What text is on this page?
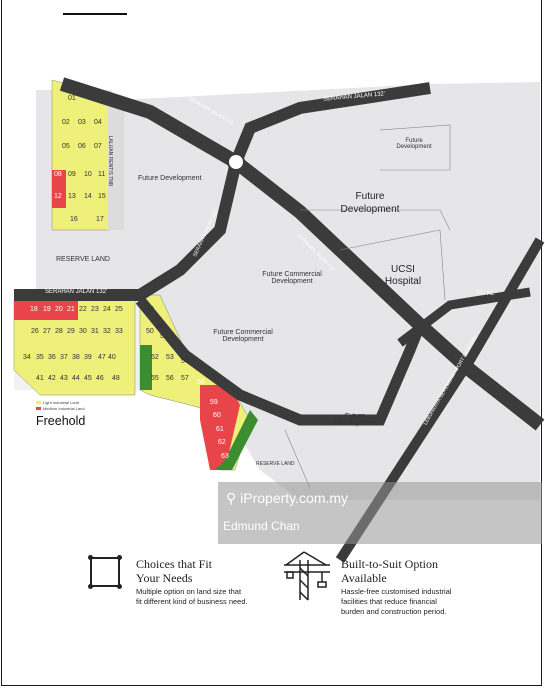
01
02 03 04
05 06 07
08 09 10 11
12 13 14 15
16	17
18 19 20 21 22 23 24 25
26 27 28 29 30 31 32 33
34 35 36 37 38 39 40
41 42 43 44 45 46
47
48
49
50
51
52 53
54
55 56 57
58
59
60
61
62
63
Future Development
Future Development
Future Development
Future Commercial Development
Future Commercial Development
UCSI Hospital
Future Development
RESERVE LAND
RESERVE LAND
PE
SERAHAN JALAN 132'
SERAHAN JALAN 132'
SERAHAN JALAN 132'
SERAHAN JALAN 132'	SERAHAN JALAN 132'
LALUAN RENTIS TNB
TO KL
LEBUHRAYA SEREMBAN - PORT DICKSON
Light Industrial Land
Medium Industrial Land
Freehold
⚲ iProperty.com.my
Edmund Chan
Choices that Fit
Your Needs
Multiple option on land size that
fit different kind of business need.
Built-to-Suit Option
Available
Hassle-free customised industrial
facilities that reduce financial
burden and construction period.
